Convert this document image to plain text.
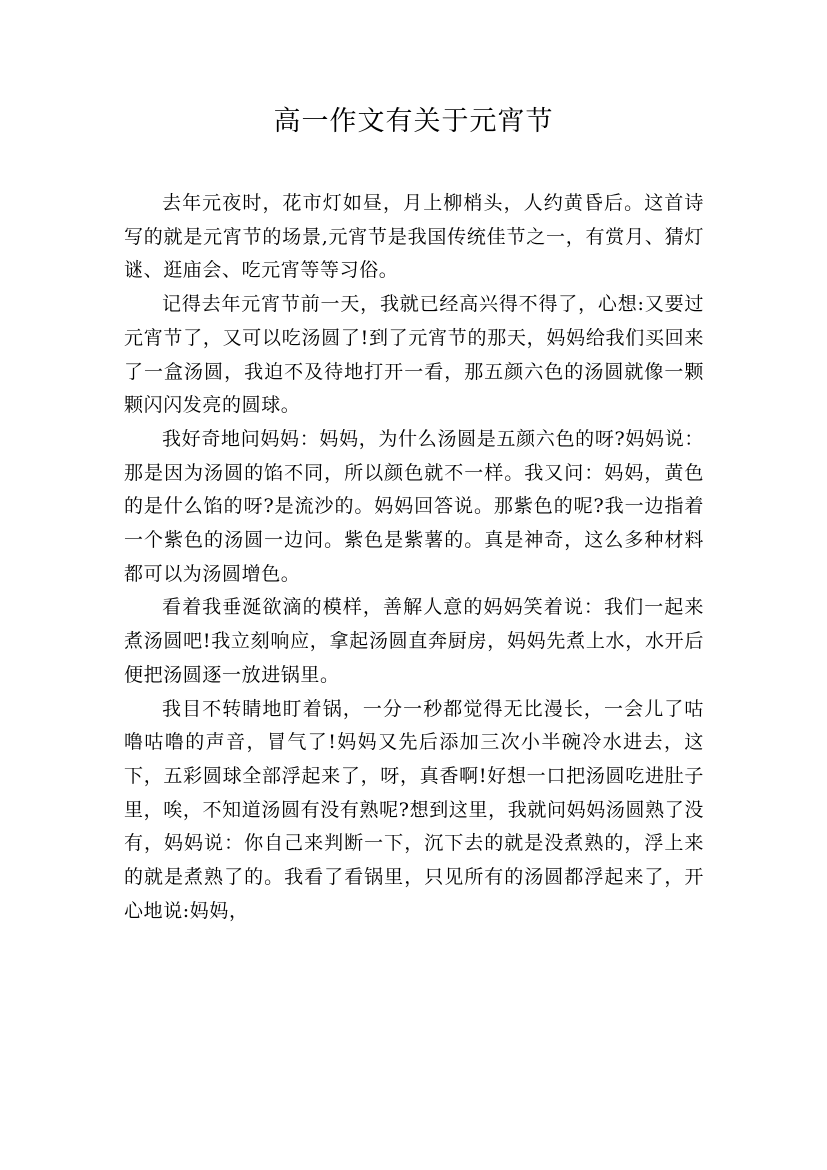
高一作文有关于元宵节

去年元夜时，花市灯如昼，月上柳梢头，人约黄昏后。这首诗写的就是元宵节的场景,元宵节是我国传统佳节之一，有赏月、猜灯谜、逛庙会、吃元宵等等习俗。

记得去年元宵节前一天，我就已经高兴得不得了，心想:又要过元宵节了，又可以吃汤圆了!到了元宵节的那天，妈妈给我们买回来了一盒汤圆，我迫不及待地打开一看，那五颜六色的汤圆就像一颗颗闪闪发亮的圆球。

我好奇地问妈妈：妈妈，为什么汤圆是五颜六色的呀?妈妈说：那是因为汤圆的馅不同，所以颜色就不一样。我又问：妈妈，黄色的是什么馅的呀?是流沙的。妈妈回答说。那紫色的呢?我一边指着一个紫色的汤圆一边问。紫色是紫薯的。真是神奇，这么多种材料都可以为汤圆增色。

看着我垂涎欲滴的模样，善解人意的妈妈笑着说：我们一起来煮汤圆吧!我立刻响应，拿起汤圆直奔厨房，妈妈先煮上水，水开后便把汤圆逐一放进锅里。

我目不转睛地盯着锅，一分一秒都觉得无比漫长，一会儿了咕噜咕噜的声音，冒气了!妈妈又先后添加三次小半碗冷水进去，这下，五彩圆球全部浮起来了，呀，真香啊!好想一口把汤圆吃进肚子里，唉，不知道汤圆有没有熟呢?想到这里，我就问妈妈汤圆熟了没有，妈妈说：你自己来判断一下，沉下去的就是没煮熟的，浮上来的就是煮熟了的。我看了看锅里，只见所有的汤圆都浮起来了，开心地说:妈妈，
